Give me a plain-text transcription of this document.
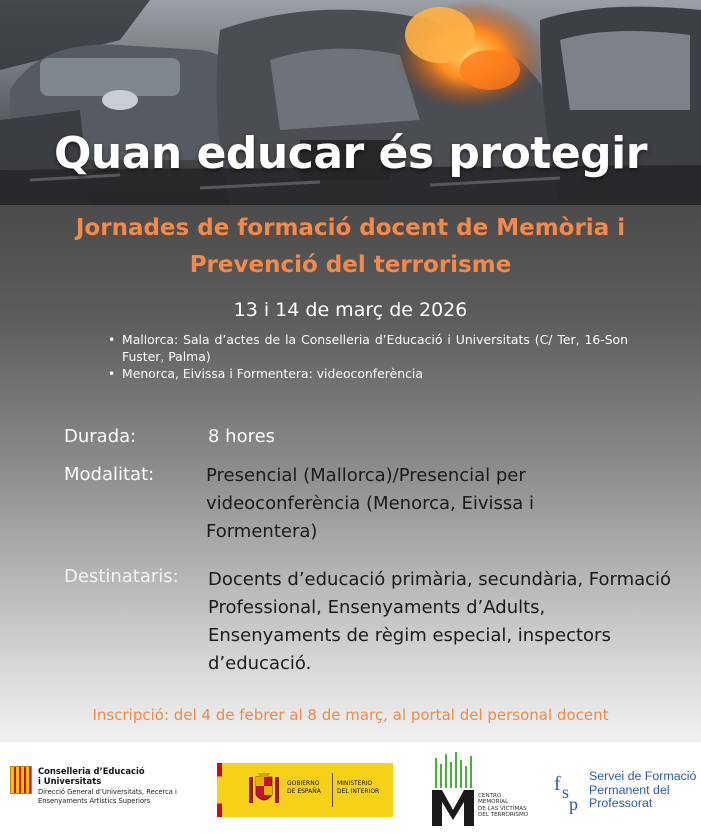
Quan educar és protegir
Jornades de formació docent de Memòria i
Prevenció del terrorisme
13 i 14 de març de 2026
• Mallorca: Sala d’actes de la Conselleria d’Educació i Universitats (C/ Ter, 16-Son Fuster, Palma)
• Menorca, Eivissa i Formentera: videoconferència
Durada:	8 hores
Modalitat:	Presencial (Mallorca)/Presencial per videoconferència (Menorca, Eivissa i Formentera)
Destinataris: Docents d’educació primària, secundària, Formació Professional, Ensenyaments d’Adults, Ensenyaments de règim especial, inspectors d’educació.
Inscripció: del 4 de febrer al 8 de març, al portal del personal docent
Conselleria d’Educació
i Universitats
Direcció General d’Universitats, Recerca i Ensenyaments Artístics Superiors
GOBIERNO
DE ESPAÑA
MINISTERIO
DEL INTERIOR
CENTRO
MEMORIAL
DE LAS VÍCTIMAS
DEL TERRORISMO
f s
p
Servei de Formació
Permanent del
Professorat
